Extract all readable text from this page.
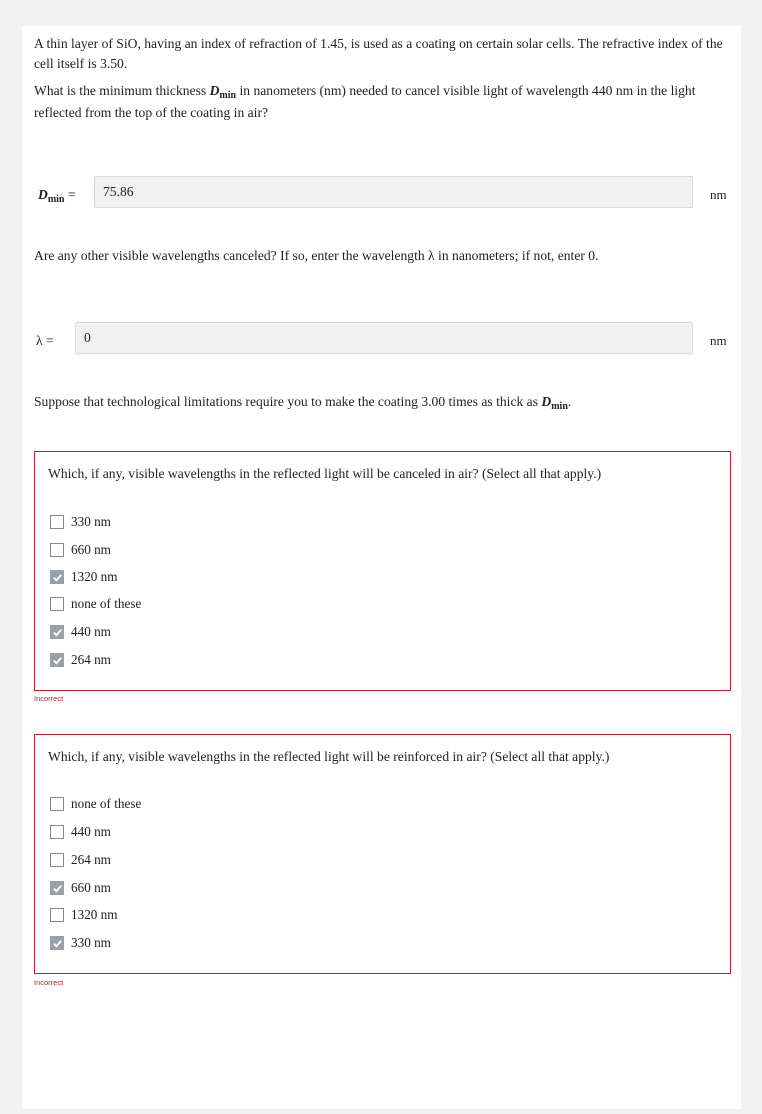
A thin layer of SiO, having an index of refraction of 1.45, is used as a coating on certain solar cells. The refractive index of the cell itself is 3.50.
What is the minimum thickness $D_{min}$ in nanometers (nm) needed to cancel visible light of wavelength 440 nm in the light reflected from the top of the coating in air?
$D_{min}$ =	75.86	nm
Are any other visible wavelengths canceled? If so, enter the wavelength λ in nanometers; if not, enter 0.
λ =	0	nm
Suppose that technological limitations require you to make the coating 3.00 times as thick as $D_{min}$.
Which, if any, visible wavelengths in the reflected light will be canceled in air? (Select all that apply.)
330 nm
660 nm
1320 nm
none of these
440 nm
264 nm
Incorrect
Which, if any, visible wavelengths in the reflected light will be reinforced in air? (Select all that apply.)
none of these
440 nm
264 nm
660 nm
1320 nm
330 nm
Incorrect
